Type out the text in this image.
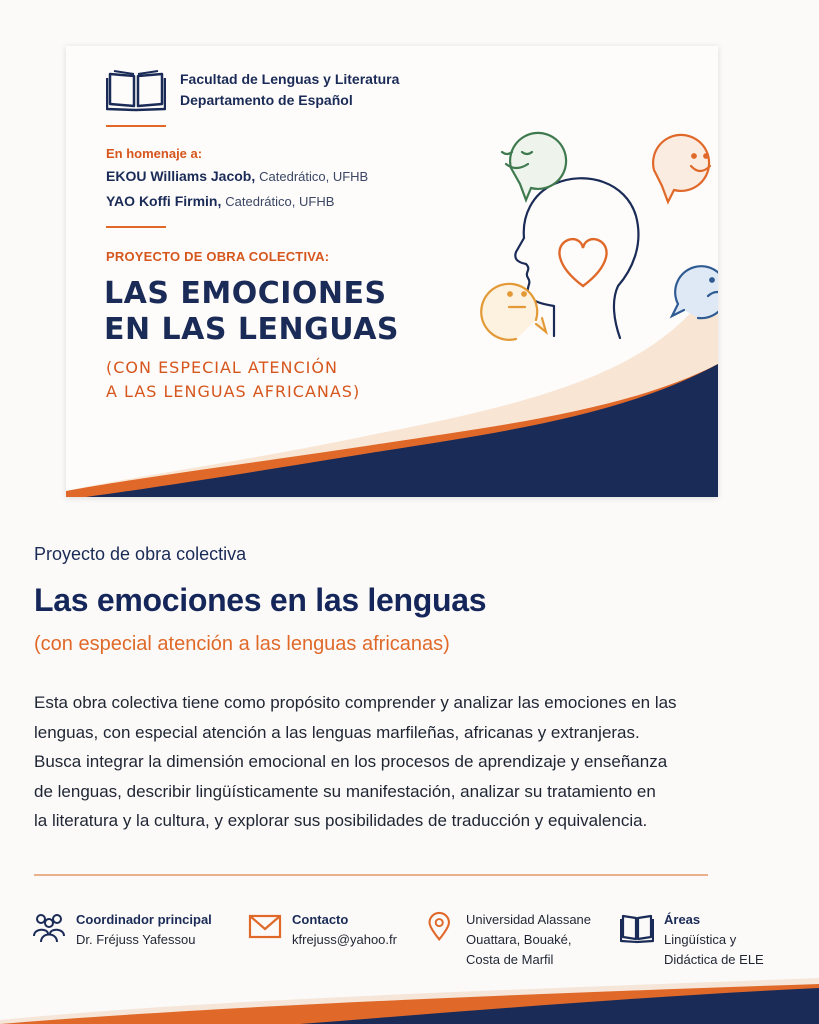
Facultad de Lenguas y Literatura
Departamento de Español
En homenaje a:
EKOU Williams Jacob, Catedrático, UFHB
YAO Koffi Firmin, Catedrático, UFHB
PROYECTO DE OBRA COLECTIVA:
LAS EMOCIONES
EN LAS LENGUAS
(CON ESPECIAL ATENCIÓN
A LAS LENGUAS AFRICANAS)
Proyecto de obra colectiva
Las emociones en las lenguas
(con especial atención a las lenguas africanas)
Esta obra colectiva tiene como propósito comprender y analizar las emociones en las
lenguas, con especial atención a las lenguas marfileñas, africanas y extranjeras.
Busca integrar la dimensión emocional en los procesos de aprendizaje y enseñanza
de lenguas, describir lingüísticamente su manifestación, analizar su tratamiento en
la literatura y la cultura, y explorar sus posibilidades de traducción y equivalencia.
Coordinador principal
Dr. Fréjuss Yafessou
Contacto
kfrejuss@yahoo.fr
Universidad Alassane
Ouattara, Bouaké,
Costa de Marfil
Áreas
Lingüística y
Didáctica de ELE
